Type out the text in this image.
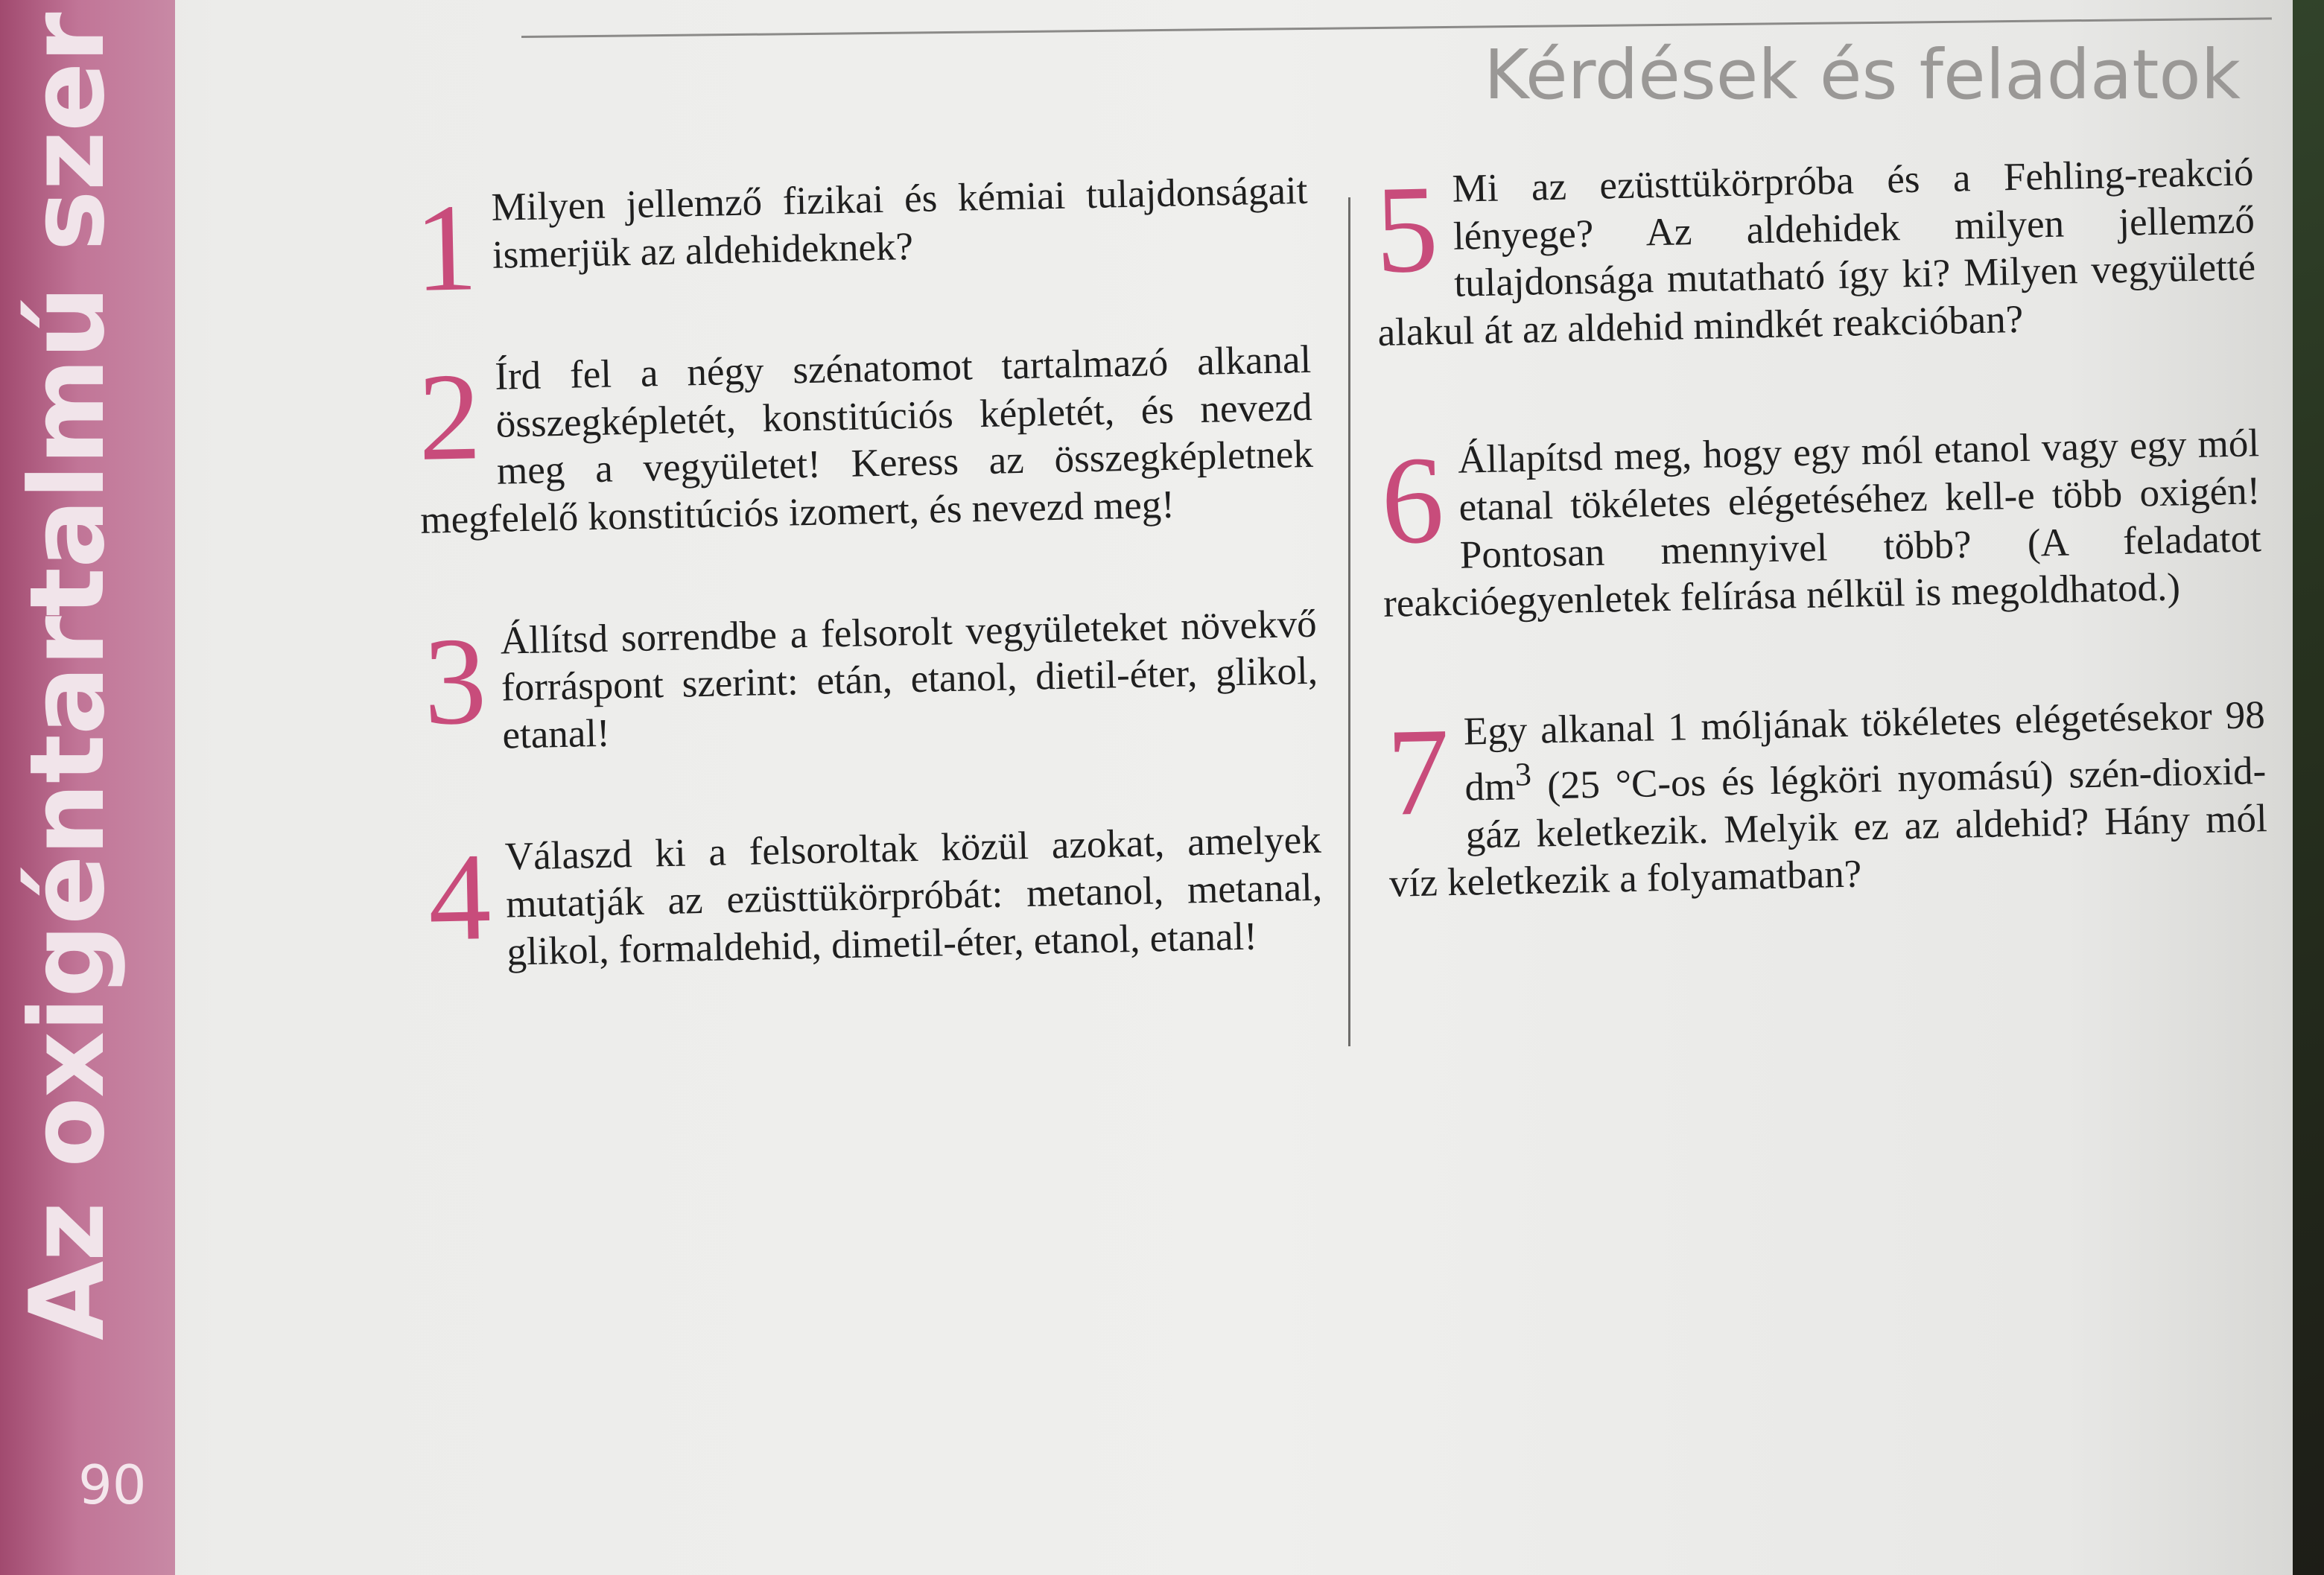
Az oxigéntartalmú szer
90
Kérdések és feladatok
1 Milyen jellemző fizikai és kémiai tulajdonságait ismerjük az aldehideknek?
2 Írd fel a négy szénatomot tartalmazó alkanal összegképletét, konstitúciós képletét, és nevezd meg a vegyületet! Keress az összegképletnek megfelelő konstitúciós izomert, és nevezd meg!
3 Állítsd sorrendbe a felsorolt vegyületeket növekvő forráspont szerint: etán, etanol, dietil-éter, glikol, etanal!
4 Válaszd ki a felsoroltak közül azokat, amelyek mutatják az ezüsttükörpróbát: metanol, metanal, glikol, formaldehid, dimetil-éter, etanol, etanal!
5 Mi az ezüsttükörpróba és a Fehling-reakció lényege? Az aldehidek milyen jellemző tulajdonsága mutatható így ki? Milyen vegyületté alakul át az aldehid mindkét reakcióban?
6 Állapítsd meg, hogy egy mól etanol vagy egy mól etanal tökéletes elégetéséhez kell-e több oxigén! Pontosan mennyivel több? (A feladatot reakcióegyenletek felírása nélkül is megoldhatod.)
7 Egy alkanal 1 móljának tökéletes elégetésekor 98 $dm^3$ (25 °C-os és légköri nyomású) szén-dioxid-gáz keletkezik. Melyik ez az aldehid? Hány mól víz keletkezik a folyamatban?
